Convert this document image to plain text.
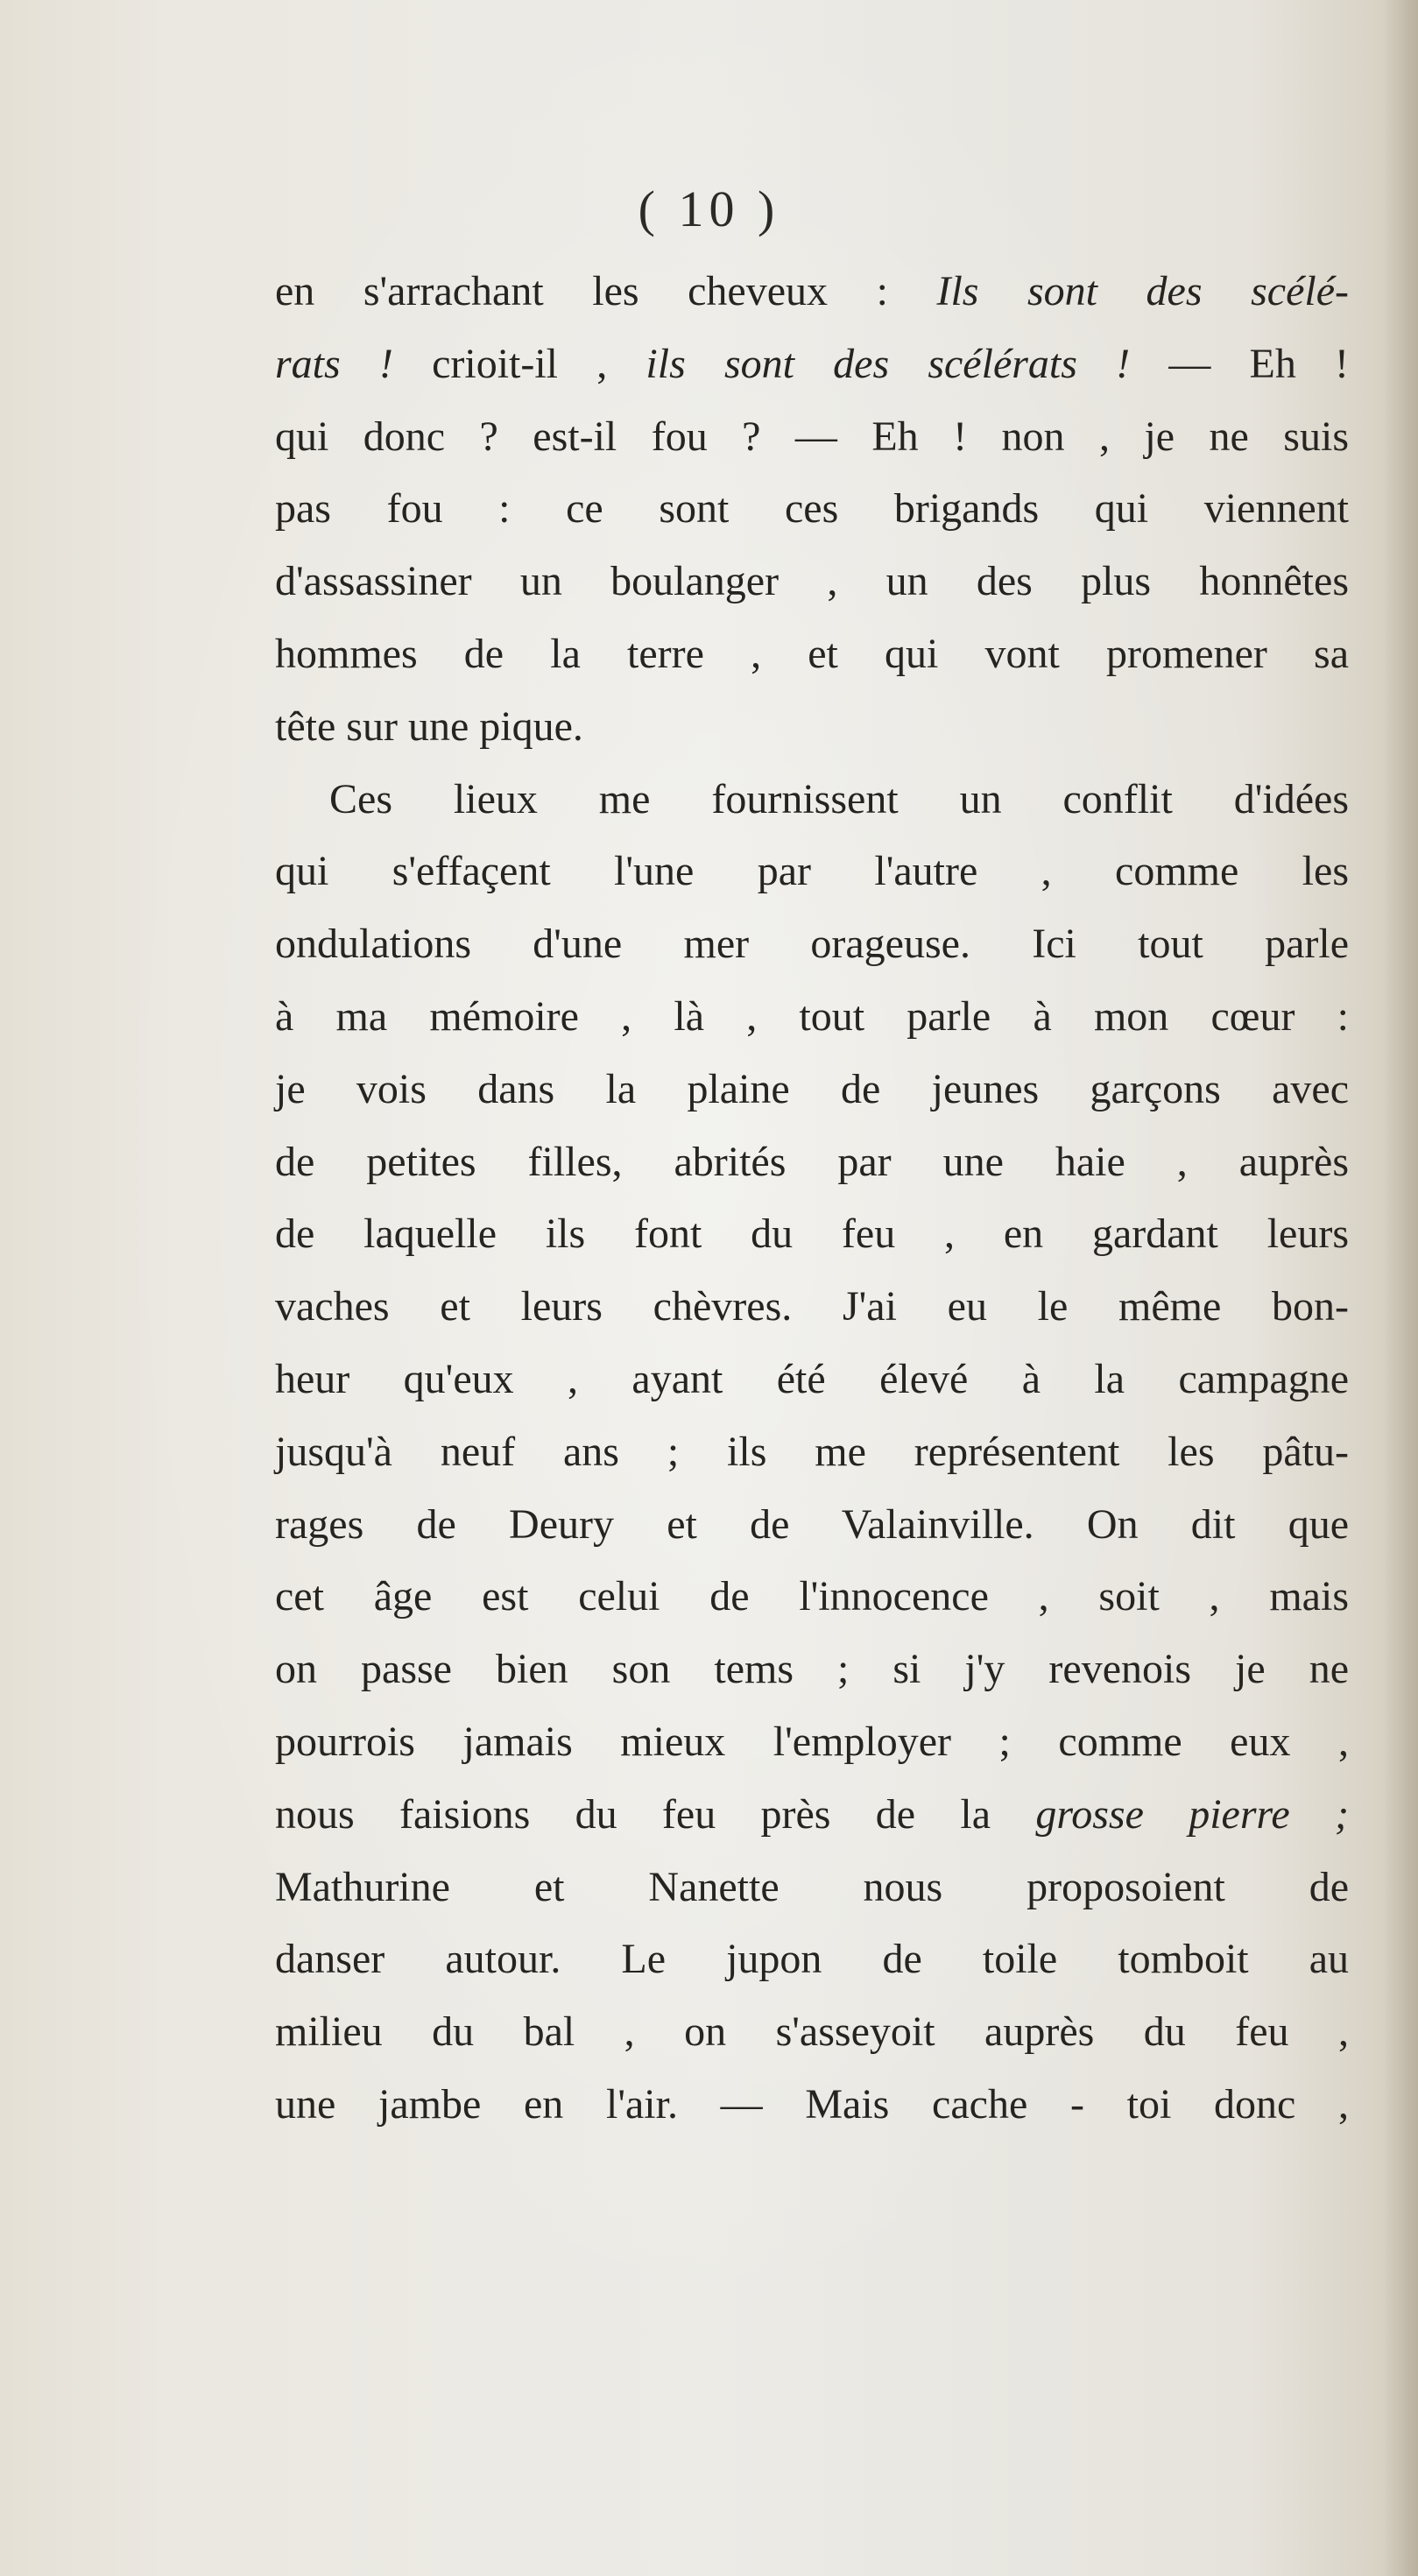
( 10 )

en s'arrachant les cheveux : Ils sont des scélé-
rats ! crioit-il , ils sont des scélérats ! — Eh !
qui donc ? est-il fou ? — Eh ! non , je ne suis
pas fou : ce sont ces brigands qui viennent
d'assassiner un boulanger , un des plus honnêtes
hommes de la terre , et qui vont promener sa
tête sur une pique.
Ces lieux me fournissent un conflit d'idées
qui s'effaçent l'une par l'autre , comme les
ondulations d'une mer orageuse. Ici tout parle
à ma mémoire , là , tout parle à mon cœur :
je vois dans la plaine de jeunes garçons avec
de petites filles, abrités par une haie , auprès
de laquelle ils font du feu , en gardant leurs
vaches et leurs chèvres. J'ai eu le même bon-
heur qu'eux , ayant été élevé à la campagne
jusqu'à neuf ans ; ils me représentent les pâtu-
rages de Deury et de Valainville. On dit que
cet âge est celui de l'innocence , soit , mais
on passe bien son tems ; si j'y revenois je ne
pourrois jamais mieux l'employer ; comme eux ,
nous faisions du feu près de la grosse pierre ;
Mathurine et Nanette nous proposoient de
danser autour. Le jupon de toile tomboit au
milieu du bal , on s'asseyoit auprès du feu ,
une jambe en l'air. — Mais cache - toi donc ,
